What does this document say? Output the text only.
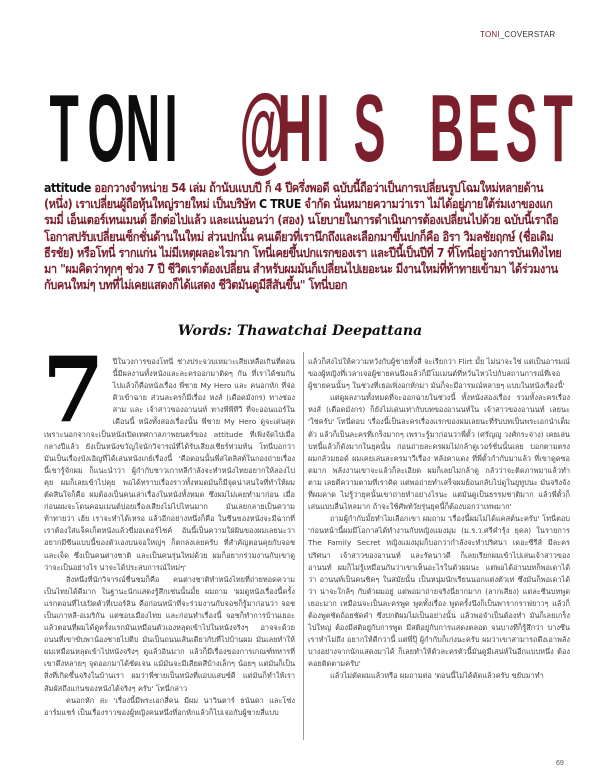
TONI_COVERSTAR
T O N I
@
H I S
B E S T
attitude ออกวางจำหน่าย 54 เล่ม ถ้านับแบบปี ก็ 4 ปีครึ่งพอดี ฉบับนี้ถือว่าเป็นการเปลี่ยนรูปโฉมใหม่หลายด้าน (หนึ่ง) เราเปลี่ยนผู้ถือหุ้นใหญ่รายใหม่ เป็นบริษัท C TRUE จำกัด นั่นหมายความว่าเรา ไม่ได้อยู่ภายใต้ร่มเงาของแกรมมี่ เอ็นเตอร์เทนเมนต์ อีกต่อไปแล้ว และแน่นอนว่า (สอง) นโยบายในการดำเนินการต้องเปลี่ยนไปด้วย ฉบับนี้เราถือโอกาสปรับเปลี่ยนเซ็กชั่นด้านในใหม่ ส่วนปกนั้น คนเดียวที่เรานึกถึงและเลือกมาขึ้นปกก็คือ อิรา วิมลชัยฤกษ์ (ชื่อเดิม ธีรชัย) หรือโทนี่ รากแก่น ไม่มีเหตุผลอะไรมาก โทนี่เคยขึ้นปกแรกของเรา และปีนี้เป็นปีที่ 7 ที่โทนี่อยู่วงการบันเทิงไทยมา "ผมคิดว่าทุกๆ ช่วง 7 ปี ชีวิตเราต้องเปลี่ยน สำหรับผมมันก็เปลี่ยนไปเยอะนะ มีงานใหม่ที่ท้าทายเข้ามา ได้ร่วมงานกับคนใหม่ๆ บทที่ไม่เคยแสดงก็ได้แสดง ชีวิตมันดูมีสีสันขึ้น" โทนี่บอก
Words: Thawatchai Deepattana
7	ปีในวงการของโทนี่ ช่างประจวบเหมาะเสียเหลือเกินที่ตอนนี้มีผลงานทั้งหนังและละครออกมาติดๆ กัน ที่เราได้ชมกันไปแล้วก็คือหนังเรื่อง พี่ชาย My Hero และ คนอกหัก ที่จ่อคิวเข้าฉาย ส่วนละครก็มีเรื่อง หงส์ (เดือดมังกร) ทางช่องสาม และ เจ้าสาวของอานนท์ ทางพีพีทีวี ที่จะออนแอร์ในเดือนนี้ หนังทั้งสองเรื่องนั้น พี่ชาย My Hero ดูจะเด่นสุด เพราะนอกจากจะเป็นหนังเปิดเทศกาลภาพยนตร์ของ attitude ที่เพิ่งจัดไปเมื่อกลางปีแล้ว ยังเป็นหนังขวัญใจนักวิจารณ์ที่ได้รับเสียงเชียร์ท่วมท้น โทนี่บอกว่ามันเป็นเรื่องบังเอิญที่ได้เล่นหนังเกย์เรื่องนี้ 'คือตอนนั้นพี่สไตลิสต์ในกองถ่ายเรื่องนี้เขารู้จักผม ก็แนะนำว่า ผู้กำกับชาวเกาหลีกำลังจะทำหนังไทยอยากให้ลองไปคุย ผมก็เลยเข้าไปคุย พอได้ทราบเรื่องราวทั้งหมดมันก็มีจุดน่าสนใจที่ทำให้ผมตัดสินใจก็คือ ผมต้องเป็นคนเล่าเรื่องในหนังทั้งหมด ซึ่งผมไม่เคยทำมาก่อน เมื่อก่อนผมจะโดนคอมเมนต์บ่อยเรื่องเสียงไม่ไปไหนมาก มันเลยกลายเป็นความท้าทายว่า เฮ้ย เราจะทำได้เหรอ แล้วอีกอย่างหนึ่งก็คือ ในซีนของหนังจะมีฉากที่เราต้องใส่แจ็คเก็ตหนังแล้วขี่มอเตอร์ไซค์ อันนี้เป็นความใฝ่ฝันของผมเลยนะว่าอยากมีซีนแบบนี้ของตัวเองบนจอใหญ่ๆ ก็ตกลงเลยครับ ที่สำคัญตอนคุยกับจอชและเจ็ด ซึ่งเป็นคนต่างชาติ และเป็นคนรุ่นใหม่ด้วย ผมก็อยากร่วมงานกับเขาดูว่าจะเป็นอย่างไร น่าจะได้ประสบการณ์ใหม่ๆ'

สิ่งหนึ่งที่นักวิจารณ์ชื่นชมก็คือ คนต่างชาติทำหนังไทยที่ถ่ายทอดความเป็นไทยได้ดีมาก ในฐานะนักแสดงรู้สึกเช่นนั้นมั้ย ผมถาม 'ผมดูหนังเรื่องนี้ครั้งแรกตอนที่ไปเปิดตัวที่เบอร์ลิน คือก่อนหน้าที่จะร่วมงานกับจอชก็รู้มาก่อนว่า จอชเป็นเกาหลี-อเมริกัน แต่ชอบเมืองไทย และก่อนทำเรื่องนี้ จอชก็ทำการบ้านเยอะ แล้วตอนที่ผมได้ดูครั้งแรกมันเหมือนตัวเองหลุดเข้าไปในหนังจริงๆ อาจจะด้วยถนนที่เขาขับพาน้องชายไปตีบ มันเป็นถนนเส้นเดียวกับที่ไปบ้านผม มันเลยทำให้ผมเหมือนหลุดเข้าไปหนังจริงๆ ดูแล้วอินมาก แล้วก็มีเรื่องของการเกณฑ์ทหารที่เขาดึงหลายๆ จุดออกมาได้ชัดเจน แม้มันจะมีเสียดสีบ้างเล็กๆ น้อยๆ แต่มันก็เป็นสิ่งที่เกิดขึ้นจริงในบ้านเรา ผมว่าพี่ชายเป็นหนังที่แอบแสบซ์ดี แต่มันก็ทำให้เราสัมผัสถึงแก่นของหนังได้จริงๆ ครับ' โทนี่กล่าว

คนอกหัก ล่ะ 'เรื่องนี้มีพระเอกสี่คน มีผม นาวินตาร์ ธนันดา และโซ่ง อาร์มแชร์ เป็นเรื่องราวของผู้หญิงคนหนึ่งที่อกหักแล้วก็ไปเจอกับผู้ชายสี่แบบ

แล้วก็ส่งไปให้ความหวังกับผู้ชายทั้งสี่ จะเรียกว่า Flirt มั้ย ไม่น่าจะใช่ แต่เป็นอารมณ์ของผู้หญิงที่เวลาเจอผู้ชายคนนึงแล้วก็มีโมเมนต์ที่หวั่นไหวไปกับสถานการณ์ที่เจอผู้ชายคนนั้นๆ ในช่วงที่เธอเพิ่งอกหักมา มันก็จะมีอารมณ์หลายๆ แบบในหนังเรื่องนี้'

แต่ดูผลงานทั้งหมดที่จะออกฉายในช่วงนี้ ทั้งหนังสองเรื่อง รวมทั้งละครเรื่องหงส์ (เดือดมังกร) ก็ยังไม่เด่นเท่ากับบทของอานนท์ใน เจ้าสาวของอานนท์ เลยนะ 'ใช่ครับ' โทนี่ตอบ 'เรื่องนี้เป็นละครเรื่องแรกของผมเลยนะที่รับบทเป็นพระเอกนำเต็มตัว แล้วก็เป็นละครที่เกร็งมากๆ เพราะรู้มาก่อนว่าพี่ตั้ว (ศรัญญู วงศ์กระจ่าง) เคยเล่นบทนี้แล้วก็ดังมากในยุคนั้น ก่อนถ่ายละครผมไม่กล้าดูเวอร์ชั่นนั้นเลย บอกตามตรง ผมกลัวมยอด์ ผมเคยเล่นละครมาวีเรื่อง หลังคาแดง ที่พี่ตั้วกำกับมาแล้ว ที่เขาดูดซอดมาก พลังงานเขาจะแล้วก็ละเอียด ผมก็เลยไม่กล้าดู กลัวว่าจะติดภาพมาแล้วทำตาม เลยตีความตามที่เราคิด แต่พอถ่ายทำเสร็จผมย้อนกลับไปดูในยูทูปนะ มันจริงจังที่ผมคาด ไม่รู้ว่ายุคนั้นเขาถ่ายทำอย่างไรนะ แต่มันดูเป็นธรรมชาติมาก แล้วพี่ตั้วก็เล่นแบบลื่นไหลมาก ถ้าจะใช้ศัพท์วัยรุ่นยุคนี้ก็ต้องบอกว่าเทพมาก'

ถามผู้กำกับมั้ยทำไมเลือกเขา ผมถาม 'เรื่องนี้ผมไม่ได้แคสต์นะครับ' โทนี่ตอบ 'ก่อนหน้านี้ผมมีโอกาสได้ทำงานกับหญิงแมงมุม (ม.ร.ว.ศรีคำรุ้ง ยุคล) ในรายการ The Family Secret หญิงแมงมุมก็บอกว่ากำลังจะทำปริศนา เดอะซีรีส์ มีละครปริศนา เจ้าสาวของอานนท์ และรัตนาวดี ก็เลยเรียกผมเข้าไปเล่นเจ้าสาวของอานนท์ ผมก็ไม่รู้เหมือนกันว่าเขาเห็นอะไรในตัวผมนะ แต่พอได้อ่านบทก็พอเดาได้ว่า อานนท์เป็นคนชิคๆ ในสมัยนั้น เป็นหนุ่มนักเรียนนอกแต่งตัวเท่ ซึ่งมันก็พอเดาได้ว่า น่าจะใกล้ๆ กับตัวผมอยู่ แต่พอมาถ่ายจริงนี่ยากมาก (ลากเสียง) แต่ละซีนบทพูดเยอะมาก เหมือนจะเป็นละครพูด พูดทั้งเรื่อง พูดครั้งนึงก็เป็นพารากราฟยาวๆ แล้วก็ต้องพูดชัดถ้อยชัดคำ ซึ่งปกติผมไม่เป็นอย่างนั้น แล้วพอจำเป็นต้องทำ มันก็เลยเกร็งไปใหญ่ ต้องมีสติอยู่กับการพูด มีสติอยู่กับการแสดงตลอด จนบางทีก็รู้สึกว่า บางซีนเราทำไม่ถึง อยากให้ดีกว่านี้ แต่พี่ปุ๊ ผู้กำกับก็เก่งนะครับ ผมว่าเขาสามารถดึงเอาพลังบางอย่างจากนักแสดงมาได้ ก็เลยทำให้ตัวละครตัวนี้มันดูมีเสน่ห์ในอีกแบบหนึ่ง ต้องคอยติดตามครับ'

แล้วไม่ตัดผมแล้วหรือ ผมถามต่อ 'ตอนนี้ไม่ได้ตัดแล้วครับ ขยับมาทำ

69
